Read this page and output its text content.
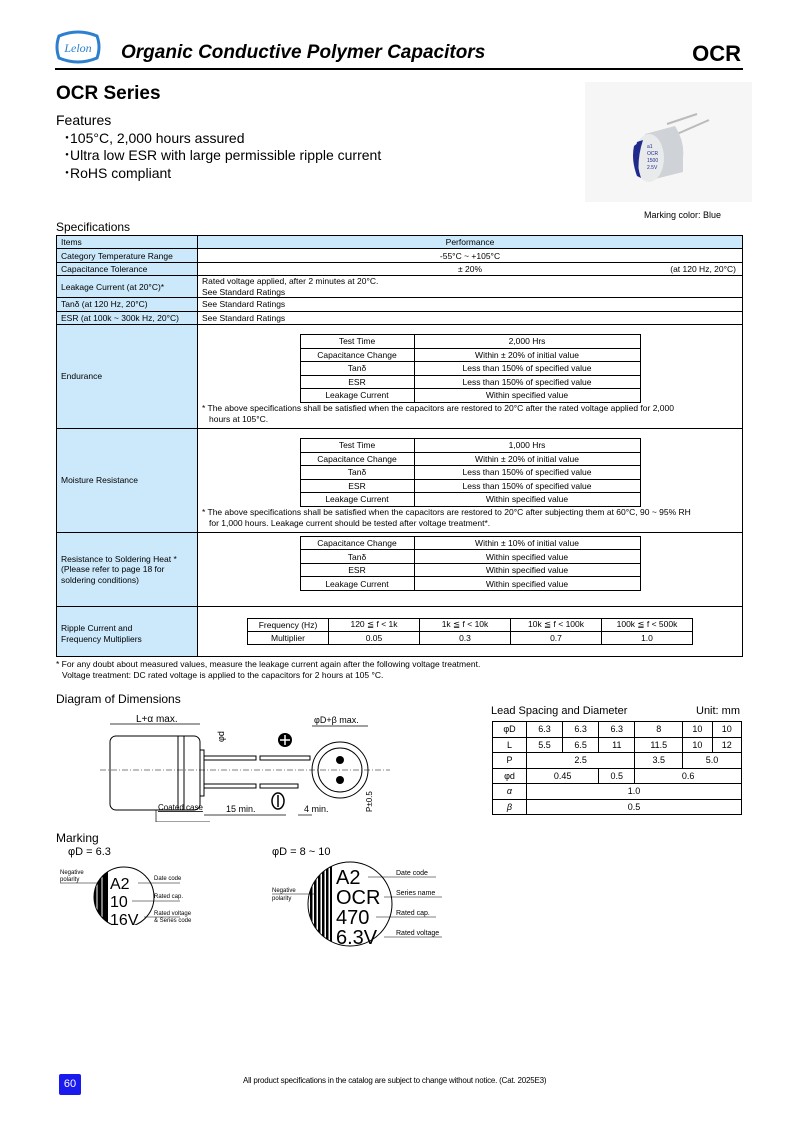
Lelon Organic Conductive Polymer Capacitors	OCR
OCR Series
Features
・105°C, 2,000 hours assured
・Ultra low ESR with large permissible ripple current
・RoHS compliant
a1
OCR
1500
2.5V
Marking color: Blue
Specifications
Items	Performance
Category Temperature Range	-55°C ~ +105°C
Capacitance Tolerance	± 20%	(at 120 Hz, 20°C)

Leakage Current (at 20°C)*	
Rated voltage applied, after 2 minutes at 20°C.
See Standard Ratings

Tanδ (at 120 Hz, 20°C)	See Standard Ratings
ESR (at 100k ~ 300k Hz, 20°C)	See Standard Ratings
Endurance	
Test Time	2,000 Hrs
Capacitance Change	Within ± 20% of initial value
Tanδ	Less than 150% of specified value
ESR	Less than 150% of specified value
Leakage Current	Within specified value
* The above specifications shall be satisfied when the capacitors are restored to 20°C after the rated voltage applied for 2,000
hours at 105°C.

Moisture Resistance	
Test Time	1,000 Hrs
Capacitance Change	Within ± 20% of initial value
Tanδ	Less than 150% of specified value
ESR	Less than 150% of specified value
Leakage Current	Within specified value
* The above specifications shall be satisfied when the capacitors are restored to 20°C after subjecting them at 60°C, 90 ~ 95% RH
for 1,000 hours. Leakage current should be tested after voltage treatment*.

Resistance to Soldering Heat *
(Please refer to page 18 for
soldering conditions)

Capacitance Change	Within ± 10% of initial value
Tanδ	Within specified value
ESR	Within specified value
Leakage Current	Within specified value

Ripple Current and
Frequency Multipliers

Frequency (Hz)	120 ≦ f < 1k	1k ≦ f < 10k	10k ≦ f < 100k	100k ≦ f < 500k
Multiplier	0.05	0.3	0.7	1.0
* For any doubt about measured values, measure the leakage current again after the following voltage treatment.
Voltage treatment: DC rated voltage is applied to the capacitors for 2 hours at 105 °C.
Diagram of Dimensions
L+α max.
φd
15 min.	4 min.
Coated case
φD+β max.
P±0.5
Lead Spacing and Diameter	Unit: mm
φD	6.3	6.3	6.3	8	10	10
L	5.5	6.5	11	11.5	10	12
P	2.5			3.5	5.0	
φd	0.45		0.5	0.6		
α	1.0					
β	0.5					
Marking
φD = 6.3	φD = 8 ~ 10
Negative
polarity A2
10
16V
Date code
Rated cap.
Rated voltage
& Series code
Negative
polarity
A2
OCR
470
6.3V
Date code
Series name
Rated cap.
Rated voltage
60	All product specifications in the catalog are subject to change without notice. (Cat. 2025E3)
